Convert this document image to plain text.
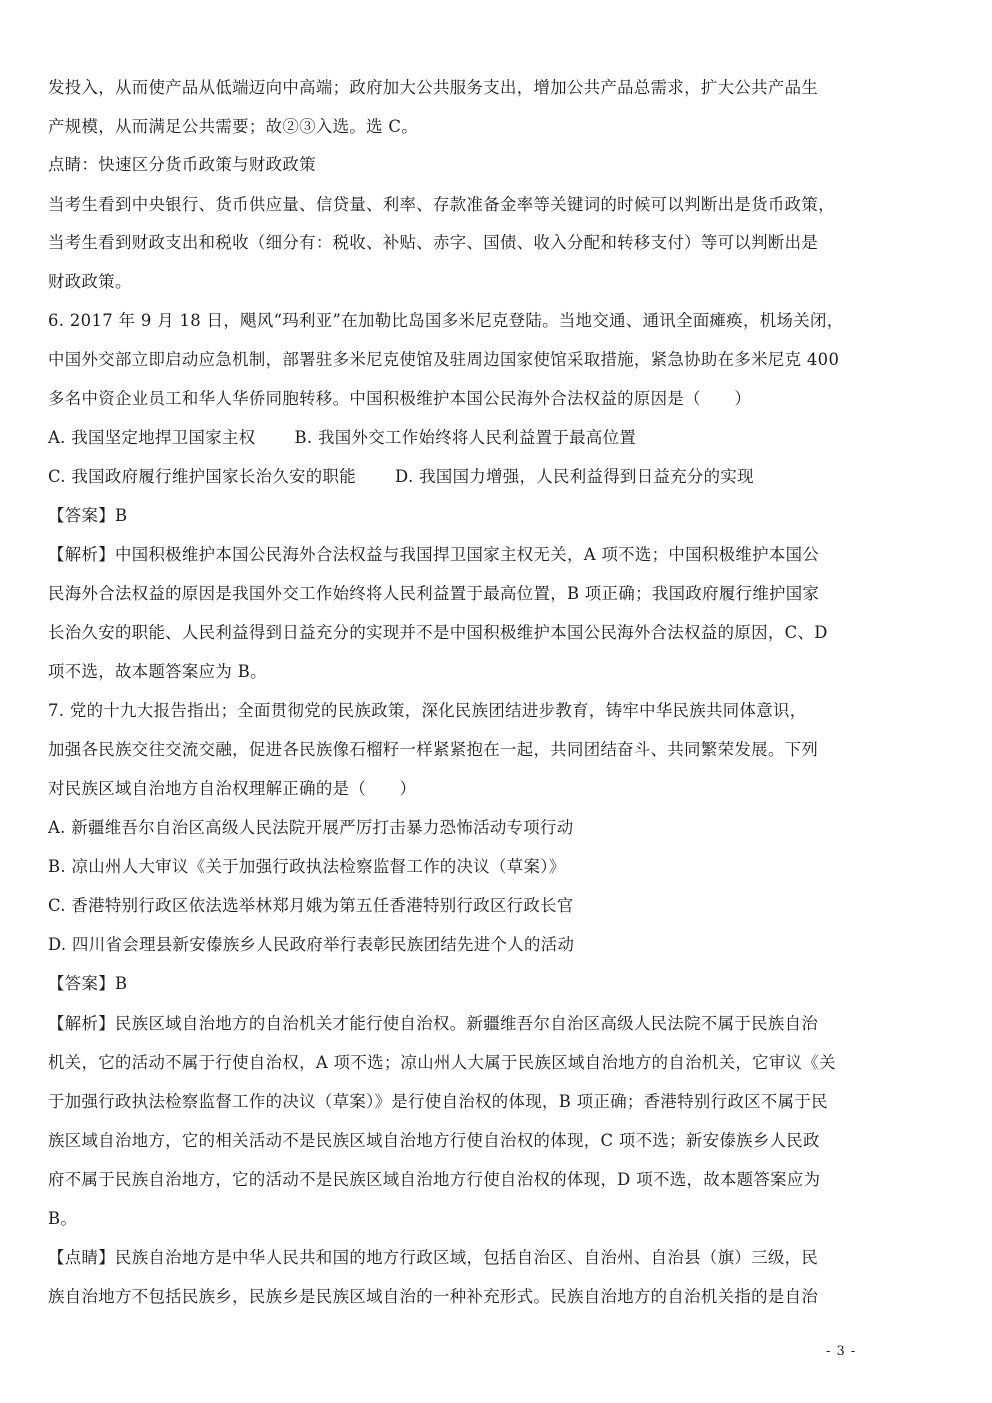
发投入，从而使产品从低端迈向中高端；政府加大公共服务支出，增加公共产品总需求，扩大公共产品生
产规模，从而满足公共需要；故②③入选。选 C。
点睛：快速区分货币政策与财政政策
当考生看到中央银行、货币供应量、信贷量、利率、存款准备金率等关键词的时候可以判断出是货币政策，
当考生看到财政支出和税收（细分有：税收、补贴、赤字、国债、收入分配和转移支付）等可以判断出是
财政政策。
6. 2017 年 9 月 18 日，飓风“玛利亚”在加勒比岛国多米尼克登陆。当地交通、通讯全面瘫痪，机场关闭，
中国外交部立即启动应急机制，部署驻多米尼克使馆及驻周边国家使馆采取措施，紧急协助在多米尼克 400
多名中资企业员工和华人华侨同胞转移。中国积极维护本国公民海外合法权益的原因是（　　）
A. 我国坚定地捍卫国家主权　　 B. 我国外交工作始终将人民利益置于最高位置
C. 我国政府履行维护国家长治久安的职能　　 D. 我国国力增强，人民利益得到日益充分的实现
【答案】B
【解析】中国积极维护本国公民海外合法权益与我国捍卫国家主权无关，A 项不选；中国积极维护本国公
民海外合法权益的原因是我国外交工作始终将人民利益置于最高位置，B 项正确；我国政府履行维护国家
长治久安的职能、人民利益得到日益充分的实现并不是中国积极维护本国公民海外合法权益的原因，C、D
项不选，故本题答案应为 B。
7. 党的十九大报告指出；全面贯彻党的民族政策，深化民族团结进步教育，铸牢中华民族共同体意识，
加强各民族交往交流交融，促进各民族像石榴籽一样紧紧抱在一起，共同团结奋斗、共同繁荣发展。下列
对民族区域自治地方自治权理解正确的是（　　）
A. 新疆维吾尔自治区高级人民法院开展严厉打击暴力恐怖活动专项行动
B. 凉山州人大审议《关于加强行政执法检察监督工作的决议（草案）》
C. 香港特别行政区依法选举林郑月娥为第五任香港特别行政区行政长官
D. 四川省会理县新安傣族乡人民政府举行表彰民族团结先进个人的活动
【答案】B
【解析】民族区域自治地方的自治机关才能行使自治权。新疆维吾尔自治区高级人民法院不属于民族自治
机关，它的活动不属于行使自治权，A 项不选；凉山州人大属于民族区域自治地方的自治机关，它审议《关
于加强行政执法检察监督工作的决议（草案）》是行使自治权的体现，B 项正确；香港特别行政区不属于民
族区域自治地方，它的相关活动不是民族区域自治地方行使自治权的体现，C 项不选；新安傣族乡人民政
府不属于民族自治地方，它的活动不是民族区域自治地方行使自治权的体现，D 项不选，故本题答案应为
B。
【点睛】民族自治地方是中华人民共和国的地方行政区域，包括自治区、自治州、自治县（旗）三级，民
族自治地方不包括民族乡，民族乡是民族区域自治的一种补充形式。民族自治地方的自治机关指的是自治
- 3 -
